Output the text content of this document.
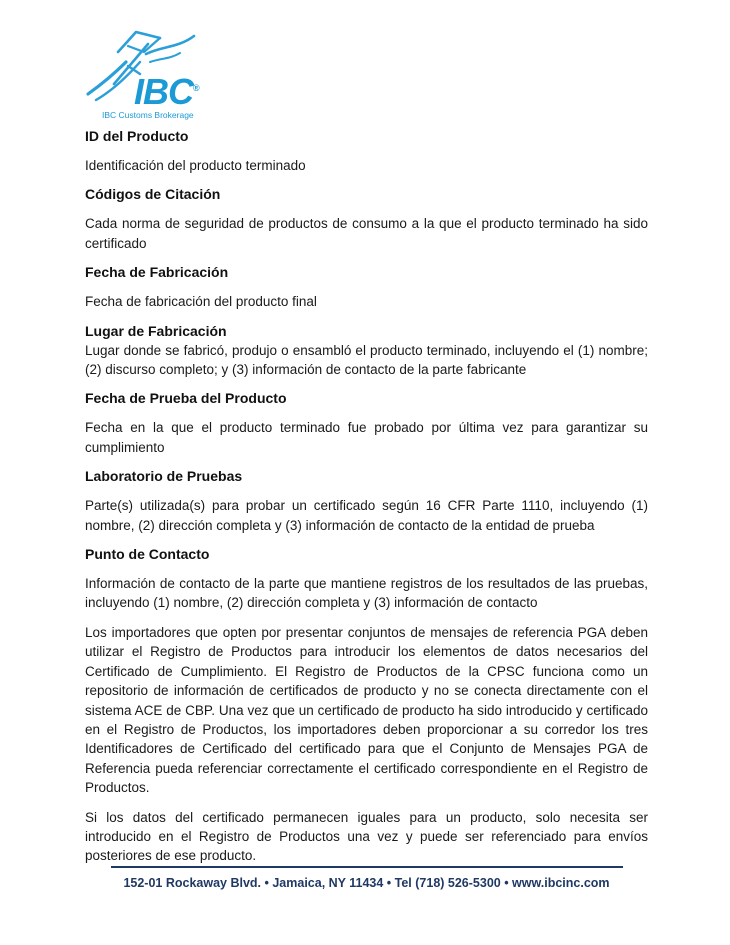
IBC®
IBC Customs Brokerage
ID del Producto
Identificación del producto terminado
Códigos de Citación
Cada norma de seguridad de productos de consumo a la que el producto terminado ha sido certificado
Fecha de Fabricación
Fecha de fabricación del producto final
Lugar de Fabricación
Lugar donde se fabricó, produjo o ensambló el producto terminado, incluyendo el (1) nombre; (2) discurso completo; y (3) información de contacto de la parte fabricante
Fecha de Prueba del Producto
Fecha en la que el producto terminado fue probado por última vez para garantizar su cumplimiento
Laboratorio de Pruebas
Parte(s) utilizada(s) para probar un certificado según 16 CFR Parte 1110, incluyendo (1) nombre, (2) dirección completa y (3) información de contacto de la entidad de prueba
Punto de Contacto
Información de contacto de la parte que mantiene registros de los resultados de las pruebas, incluyendo (1) nombre, (2) dirección completa y (3) información de contacto
Los importadores que opten por presentar conjuntos de mensajes de referencia PGA deben utilizar el Registro de Productos para introducir los elementos de datos necesarios del Certificado de Cumplimiento. El Registro de Productos de la CPSC funciona como un repositorio de información de certificados de producto y no se conecta directamente con el sistema ACE de CBP. Una vez que un certificado de producto ha sido introducido y certificado en el Registro de Productos, los importadores deben proporcionar a su corredor los tres Identificadores de Certificado del certificado para que el Conjunto de Mensajes PGA de Referencia pueda referenciar correctamente el certificado correspondiente en el Registro de Productos.
Si los datos del certificado permanecen iguales para un producto, solo necesita ser introducido en el Registro de Productos una vez y puede ser referenciado para envíos posteriores de ese producto.
152-01 Rockaway Blvd. • Jamaica, NY 11434 • Tel (718) 526-5300 • www.ibcinc.com
